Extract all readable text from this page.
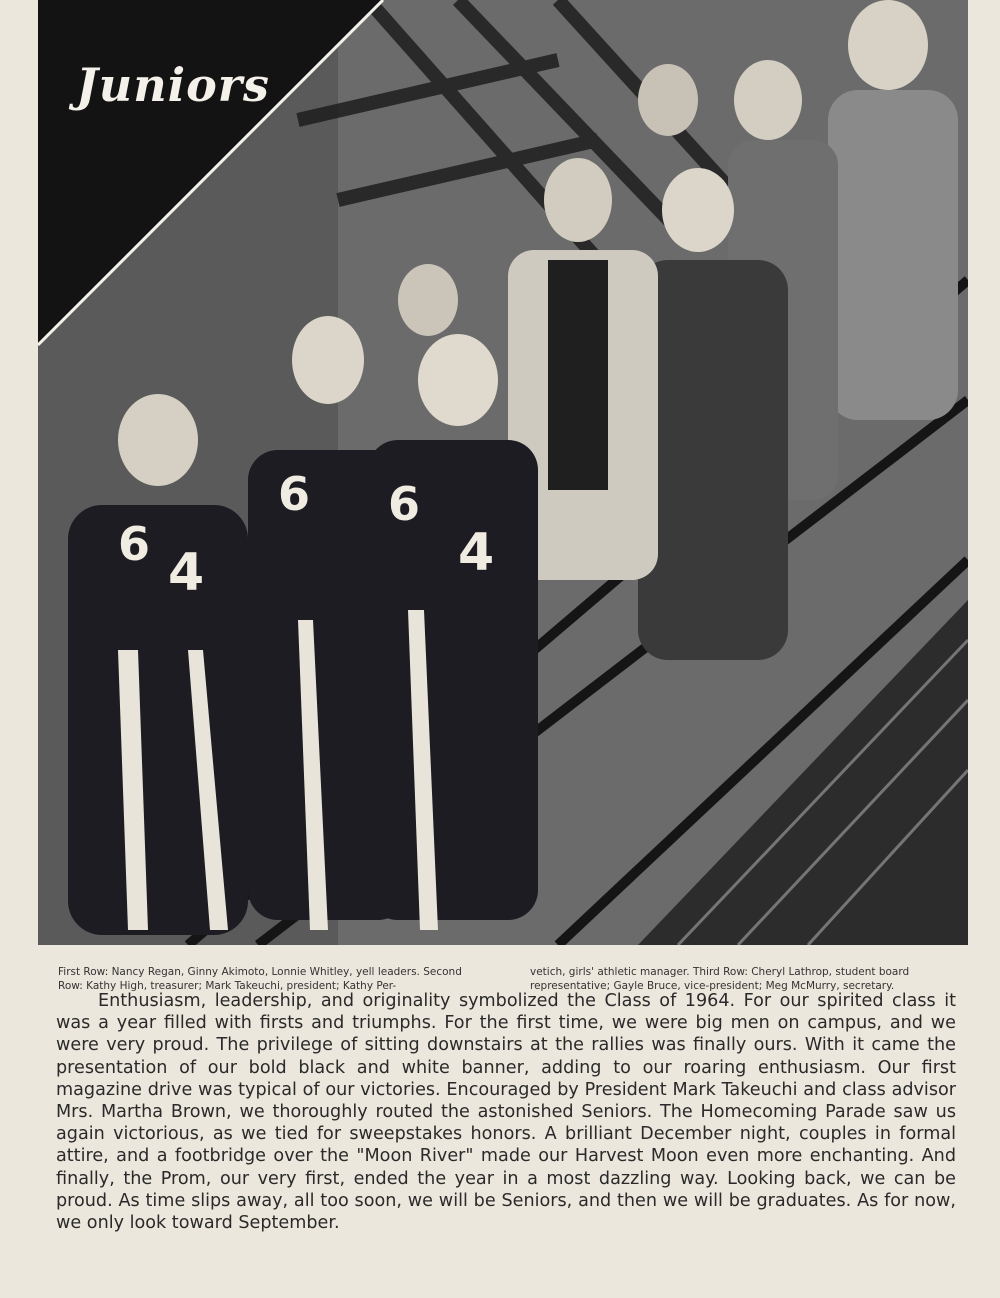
6 4
6 6
4
Juniors
First Row: Nancy Regan, Ginny Akimoto, Lonnie Whitley, yell leaders. Second Row: Kathy High, treasurer; Mark Takeuchi, president; Kathy Per-
vetich, girls' athletic manager. Third Row: Cheryl Lathrop, student board representative; Gayle Bruce, vice-president; Meg McMurry, secretary.
Enthusiasm, leadership, and originality symbolized the Class of 1964. For our spirited class it was a year filled with firsts and triumphs. For the first time, we were big men on campus, and we were very proud. The privilege of sitting downstairs at the rallies was finally ours. With it came the presentation of our bold black and white banner, adding to our roaring enthusiasm. Our first magazine drive was typical of our victories. Encouraged by President Mark Takeuchi and class advisor Mrs. Martha Brown, we thoroughly routed the astonished Seniors. The Homecoming Parade saw us again victorious, as we tied for sweepstakes honors. A brilliant December night, couples in formal attire, and a footbridge over the "Moon River" made our Harvest Moon even more enchanting. And finally, the Prom, our very first, ended the year in a most dazzling way. Looking back, we can be proud. As time slips away, all too soon, we will be Seniors, and then we will be graduates. As for now, we only look toward September.
